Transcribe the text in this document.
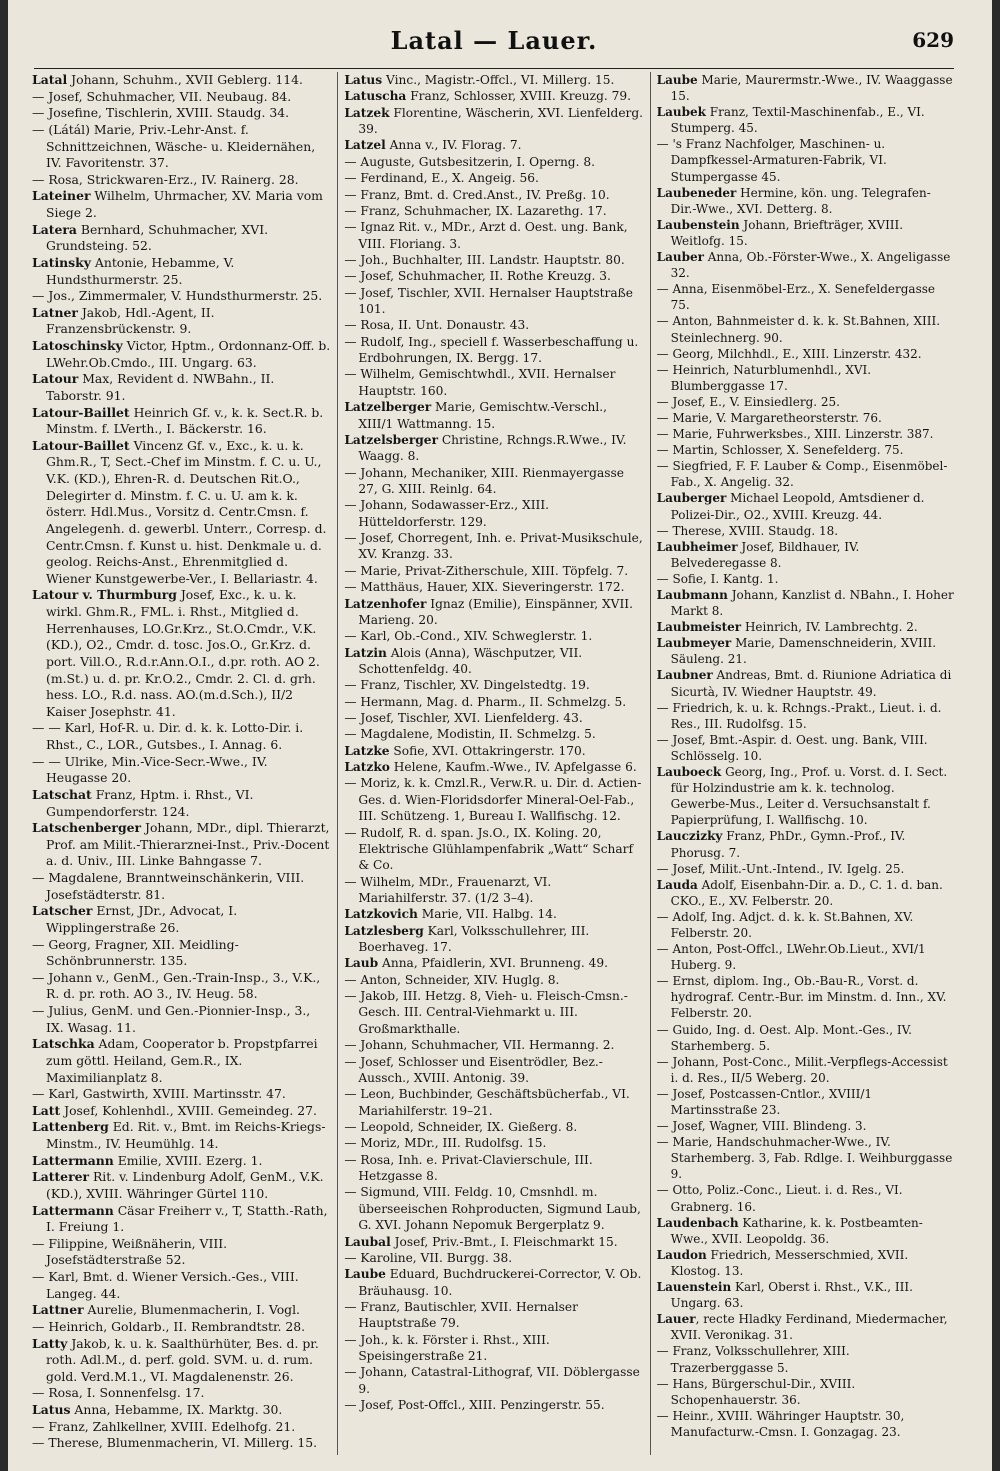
Latal — Lauer.	629

Latal Johann, Schuhm., XVII Geblerg. 114.

— Josef, Schuhmacher, VII. Neubaug. 84.

— Josefine, Tischlerin, XVIII. Staudg. 34.

— (Látál) Marie, Priv.-Lehr-Anst. f. Schnittzeichnen, Wäsche- u. Kleidernähen, IV. Favoritenstr. 37.

— Rosa, Strickwaren-Erz., IV. Rainerg. 28.

Lateiner Wilhelm, Uhrmacher, XV. Maria vom Siege 2.

Latera Bernhard, Schuhmacher, XVI. Grundsteing. 52.

Latinsky Antonie, Hebamme, V. Hundsthurmerstr. 25.

— Jos., Zimmermaler, V. Hundsthurmerstr. 25.

Latner Jakob, Hdl.-Agent, II. Franzensbrückenstr. 9.

Latoschinsky Victor, Hptm., Ordonnanz-Off. b. LWehr.Ob.Cmdo., III. Ungarg. 63.

Latour Max, Revident d. NWBahn., II. Taborstr. 91.

Latour-Baillet Heinrich Gf. v., k. k. Sect.R. b. Minstm. f. LVerth., I. Bäckerstr. 16.

Latour-Baillet Vincenz Gf. v., Exc., k. u. k. Ghm.R., T, Sect.-Chef im Minstm. f. C. u. U., V.K. (KD.), Ehren-R. d. Deutschen Rit.O., Delegirter d. Minstm. f. C. u. U. am k. k. österr. Hdl.Mus., Vorsitz d. Centr.Cmsn. f. Angelegenh. d. gewerbl. Unterr., Corresp. d. Centr.Cmsn. f. Kunst u. hist. Denkmale u. d. geolog. Reichs-Anst., Ehrenmitglied d. Wiener Kunstgewerbe-Ver., I. Bellariastr. 4.

Latour v. Thurmburg Josef, Exc., k. u. k. wirkl. Ghm.R., FML. i. Rhst., Mitglied d. Herrenhauses, LO.Gr.Krz., St.O.Cmdr., V.K. (KD.), O2., Cmdr. d. tosc. Jos.O., Gr.Krz. d. port. Vill.O., R.d.r.Ann.O.I., d.pr. roth. AO 2.(m.St.) u. d. pr. Kr.O.2., Cmdr. 2. Cl. d. grh. hess. LO., R.d. nass. AO.(m.d.Sch.), II/2 Kaiser Josephstr. 41.

— — Karl, Hof-R. u. Dir. d. k. k. Lotto-Dir. i. Rhst., C., LOR., Gutsbes., I. Annag. 6.

— — Ulrike, Min.-Vice-Secr.-Wwe., IV. Heugasse 20.

Latschat Franz, Hptm. i. Rhst., VI. Gumpendorferstr. 124.

Latschenberger Johann, MDr., dipl. Thierarzt, Prof. am Milit.-Thierarznei-Inst., Priv.-Docent a. d. Univ., III. Linke Bahngasse 7.

— Magdalene, Branntweinschänkerin, VIII. Josefstädterstr. 81.

Latscher Ernst, JDr., Advocat, I. Wipplingerstraße 26.

— Georg, Fragner, XII. Meidling-Schönbrunnerstr. 135.

— Johann v., GenM., Gen.-Train-Insp., 3., V.K., R. d. pr. roth. AO 3., IV. Heug. 58.

— Julius, GenM. und Gen.-Pionnier-Insp., 3., IX. Wasag. 11.

Latschka Adam, Cooperator b. Propstpfarrei zum göttl. Heiland, Gem.R., IX. Maximilianplatz 8.

— Karl, Gastwirth, XVIII. Martinsstr. 47.

Latt Josef, Kohlenhdl., XVIII. Gemeindeg. 27.

Lattenberg Ed. Rit. v., Bmt. im Reichs-Kriegs-Minstm., IV. Heumühlg. 14.

Lattermann Emilie, XVIII. Ezerg. 1.

Latterer Rit. v. Lindenburg Adolf, GenM., V.K. (KD.), XVIII. Währinger Gürtel 110.

Lattermann Cäsar Freiherr v., T, Statth.-Rath, I. Freiung 1.

— Filippine, Weißnäherin, VIII. Josefstädterstraße 52.

— Karl, Bmt. d. Wiener Versich.-Ges., VIII. Langeg. 44.

Lattner Aurelie, Blumenmacherin, I. Vogl.

— Heinrich, Goldarb., II. Rembrandtstr. 28.

Latty Jakob, k. u. k. Saalthürhüter, Bes. d. pr. roth. Adl.M., d. perf. gold. SVM. u. d. rum. gold. Verd.M.1., VI. Magdalenenstr. 26.

— Rosa, I. Sonnenfelsg. 17.

Latus Anna, Hebamme, IX. Marktg. 30.

— Franz, Zahlkellner, XVIII. Edelhofg. 21.

— Therese, Blumenmacherin, VI. Millerg. 15.

Latus Vinc., Magistr.-Offcl., VI. Millerg. 15.

Latuscha Franz, Schlosser, XVIII. Kreuzg. 79.

Latzek Florentine, Wäscherin, XVI. Lienfelderg. 39.

Latzel Anna v., IV. Florag. 7.

— Auguste, Gutsbesitzerin, I. Operng. 8.

— Ferdinand, E., X. Angeig. 56.

— Franz, Bmt. d. Cred.Anst., IV. Preßg. 10.

— Franz, Schuhmacher, IX. Lazarethg. 17.

— Ignaz Rit. v., MDr., Arzt d. Oest. ung. Bank, VIII. Floriang. 3.

— Joh., Buchhalter, III. Landstr. Hauptstr. 80.

— Josef, Schuhmacher, II. Rothe Kreuzg. 3.

— Josef, Tischler, XVII. Hernalser Hauptstraße 101.

— Rosa, II. Unt. Donaustr. 43.

— Rudolf, Ing., speciell f. Wasserbeschaffung u. Erdbohrungen, IX. Bergg. 17.

— Wilhelm, Gemischtwhdl., XVII. Hernalser Hauptstr. 160.

Latzelberger Marie, Gemischtw.-Verschl., XIII/1 Wattmanng. 15.

Latzelsberger Christine, Rchngs.R.Wwe., IV. Waagg. 8.

— Johann, Mechaniker, XIII. Rienmayergasse 27, G. XIII. Reinlg. 64.

— Johann, Sodawasser-Erz., XIII. Hütteldorferstr. 129.

— Josef, Chorregent, Inh. e. Privat-Musikschule, XV. Kranzg. 33.

— Marie, Privat-Zitherschule, XIII. Töpfelg. 7.

— Matthäus, Hauer, XIX. Sieveringerstr. 172.

Latzenhofer Ignaz (Emilie), Einspänner, XVII. Marieng. 20.

— Karl, Ob.-Cond., XIV. Schweglerstr. 1.

Latzin Alois (Anna), Wäschputzer, VII. Schottenfeldg. 40.

— Franz, Tischler, XV. Dingelstedtg. 19.

— Hermann, Mag. d. Pharm., II. Schmelzg. 5.

— Josef, Tischler, XVI. Lienfelderg. 43.

— Magdalene, Modistin, II. Schmelzg. 5.

Latzke Sofie, XVI. Ottakringerstr. 170.

Latzko Helene, Kaufm.-Wwe., IV. Apfelgasse 6.

— Moriz, k. k. Cmzl.R., Verw.R. u. Dir. d. Actien-Ges. d. Wien-Floridsdorfer Mineral-Oel-Fab., III. Schützeng. 1, Bureau I. Wallfischg. 12.

— Rudolf, R. d. span. Js.O., IX. Koling. 20, Elektrische Glühlampenfabrik „Watt“ Scharf & Co.

— Wilhelm, MDr., Frauenarzt, VI. Mariahilferstr. 37. (1/2 3–4).

Latzkovich Marie, VII. Halbg. 14.

Latzlesberg Karl, Volksschullehrer, III. Boerhaveg. 17.

Laub Anna, Pfaidlerin, XVI. Brunneng. 49.

— Anton, Schneider, XIV. Huglg. 8.

— Jakob, III. Hetzg. 8, Vieh- u. Fleisch-Cmsn.-Gesch. III. Central-Viehmarkt u. III. Großmarkthalle.

— Johann, Schuhmacher, VII. Hermanng. 2.

— Josef, Schlosser und Eisentrödler, Bez.-Aussch., XVIII. Antonig. 39.

— Leon, Buchbinder, Geschäftsbücherfab., VI. Mariahilferstr. 19–21.

— Leopold, Schneider, IX. Gießerg. 8.

— Moriz, MDr., III. Rudolfsg. 15.

— Rosa, Inh. e. Privat-Clavierschule, III. Hetzgasse 8.

— Sigmund, VIII. Feldg. 10, Cmsnhdl. m. überseeischen Rohproducten, Sigmund Laub, G. XVI. Johann Nepomuk Bergerplatz 9.

Laubal Josef, Priv.-Bmt., I. Fleischmarkt 15.

— Karoline, VII. Burgg. 38.

Laube Eduard, Buchdruckerei-Corrector, V. Ob. Bräuhausg. 10.

— Franz, Bautischler, XVII. Hernalser Hauptstraße 79.

— Joh., k. k. Förster i. Rhst., XIII. Speisingerstraße 21.

— Johann, Catastral-Lithograf, VII. Döblergasse 9.

— Josef, Post-Offcl., XIII. Penzingerstr. 55.

Laube Marie, Maurermstr.-Wwe., IV. Waaggasse 15.

Laubek Franz, Textil-Maschinenfab., E., VI. Stumperg. 45.

— 's Franz Nachfolger, Maschinen- u. Dampfkessel-Armaturen-Fabrik, VI. Stumpergasse 45.

Laubeneder Hermine, kön. ung. Telegrafen-Dir.-Wwe., XVI. Detterg. 8.

Laubenstein Johann, Briefträger, XVIII. Weitlofg. 15.

Lauber Anna, Ob.-Förster-Wwe., X. Angeligasse 32.

— Anna, Eisenmöbel-Erz., X. Senefeldergasse 75.

— Anton, Bahnmeister d. k. k. St.Bahnen, XIII. Steinlechnerg. 90.

— Georg, Milchhdl., E., XIII. Linzerstr. 432.

— Heinrich, Naturblumenhdl., XVI. Blumberggasse 17.

— Josef, E., V. Einsiedlerg. 25.

— Marie, V. Margaretheorsterstr. 76.

— Marie, Fuhrwerksbes., XIII. Linzerstr. 387.

— Martin, Schlosser, X. Senefelderg. 75.

— Siegfried, F. F. Lauber & Comp., Eisenmöbel-Fab., X. Angelig. 32.

Lauberger Michael Leopold, Amtsdiener d. Polizei-Dir., O2., XVIII. Kreuzg. 44.

— Therese, XVIII. Staudg. 18.

Laubheimer Josef, Bildhauer, IV. Belvederegasse 8.

— Sofie, I. Kantg. 1.

Laubmann Johann, Kanzlist d. NBahn., I. Hoher Markt 8.

Laubmeister Heinrich, IV. Lambrechtg. 2.

Laubmeyer Marie, Damenschneiderin, XVIII. Säuleng. 21.

Laubner Andreas, Bmt. d. Riunione Adriatica di Sicurtà, IV. Wiedner Hauptstr. 49.

— Friedrich, k. u. k. Rchngs.-Prakt., Lieut. i. d. Res., III. Rudolfsg. 15.

— Josef, Bmt.-Aspir. d. Oest. ung. Bank, VIII. Schlösselg. 10.

Lauboeck Georg, Ing., Prof. u. Vorst. d. I. Sect. für Holzindustrie am k. k. technolog. Gewerbe-Mus., Leiter d. Versuchsanstalt f. Papierprüfung, I. Wallfischg. 10.

Lauczizky Franz, PhDr., Gymn.-Prof., IV. Phorusg. 7.

— Josef, Milit.-Unt.-Intend., IV. Igelg. 25.

Lauda Adolf, Eisenbahn-Dir. a. D., C. 1. d. ban. CKO., E., XV. Felberstr. 20.

— Adolf, Ing. Adjct. d. k. k. St.Bahnen, XV. Felberstr. 20.

— Anton, Post-Offcl., LWehr.Ob.Lieut., XVI/1 Huberg. 9.

— Ernst, diplom. Ing., Ob.-Bau-R., Vorst. d. hydrograf. Centr.-Bur. im Minstm. d. Inn., XV. Felberstr. 20.

— Guido, Ing. d. Oest. Alp. Mont.-Ges., IV. Starhemberg. 5.

— Johann, Post-Conc., Milit.-Verpflegs-Accessist i. d. Res., II/5 Weberg. 20.

— Josef, Postcassen-Cntlor., XVIII/1 Martinsstraße 23.

— Josef, Wagner, VIII. Blindeng. 3.

— Marie, Handschuhmacher-Wwe., IV. Starhemberg. 3, Fab. Rdlge. I. Weihburggasse 9.

— Otto, Poliz.-Conc., Lieut. i. d. Res., VI. Grabnerg. 16.

Laudenbach Katharine, k. k. Postbeamten-Wwe., XVII. Leopoldg. 36.

Laudon Friedrich, Messerschmied, XVII. Klostog. 13.

Lauenstein Karl, Oberst i. Rhst., V.K., III. Ungarg. 63.

Lauer, recte Hladky Ferdinand, Miedermacher, XVII. Veronikag. 31.

— Franz, Volksschullehrer, XIII. Trazerberggasse 5.

— Hans, Bürgerschul-Dir., XVIII. Schopenhauerstr. 36.

— Heinr., XVIII. Währinger Hauptstr. 30, Manufacturw.-Cmsn. I. Gonzagag. 23.
